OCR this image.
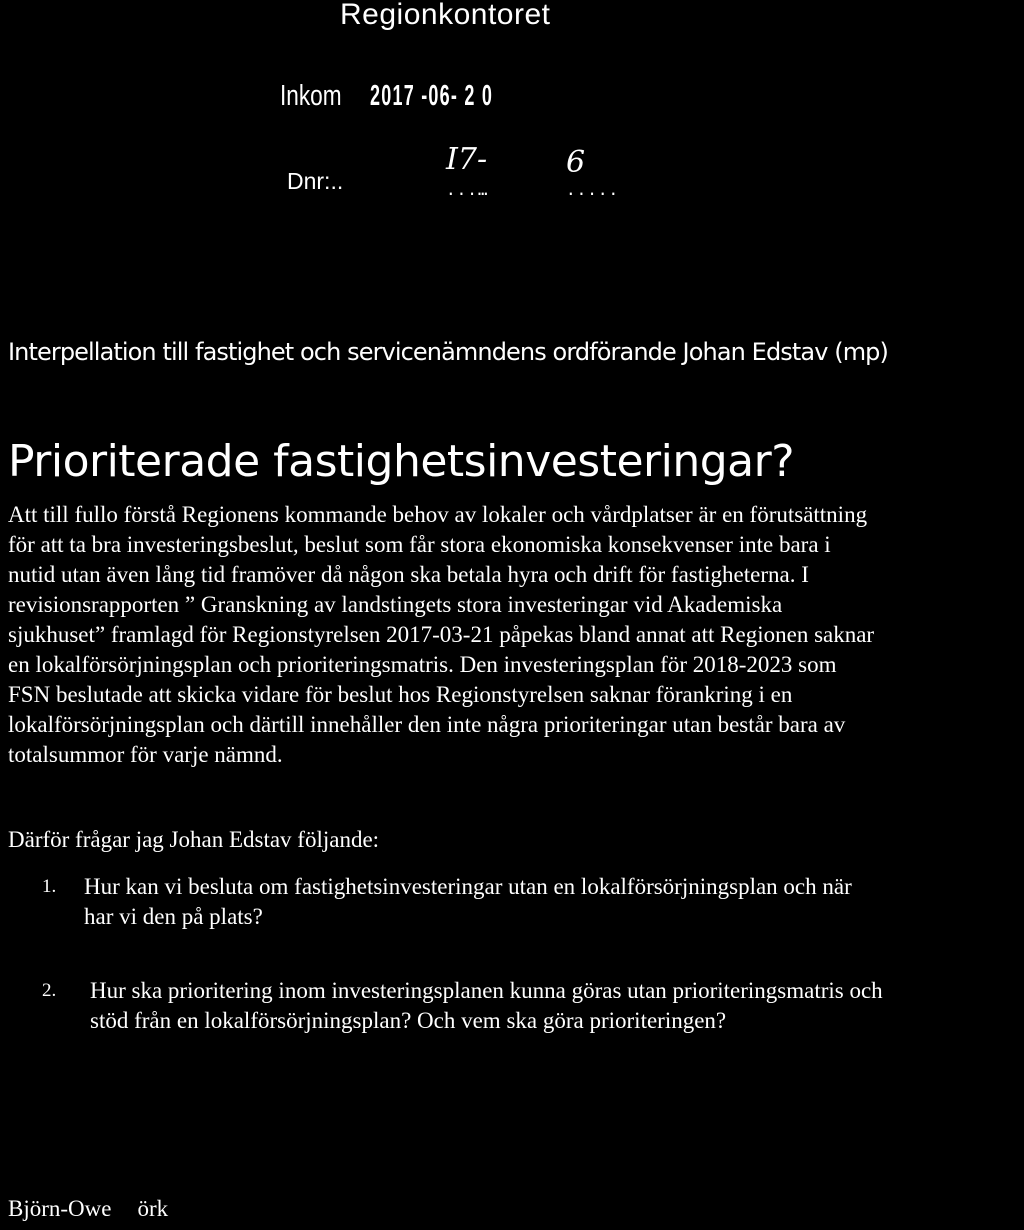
Regionkontoret
Inkom 2017 -06- 2 0
Dnr:..
I7-	6
...…	.....
Interpellation till fastighet och servicenämndens ordförande Johan Edstav (mp)
Prioriterade fastighetsinvesteringar?
Att till fullo förstå Regionens kommande behov av lokaler och vårdplatser är en förutsättning
för att ta bra investeringsbeslut, beslut som får stora ekonomiska konsekvenser inte bara i
nutid utan även lång tid framöver då någon ska betala hyra och drift för fastigheterna. I
revisionsrapporten ” Granskning av landstingets stora investeringar vid Akademiska
sjukhuset” framlagd för Regionstyrelsen 2017-03-21 påpekas bland annat att Regionen saknar
en lokalförsörjningsplan och prioriteringsmatris. Den investeringsplan för 2018-2023 som
FSN beslutade att skicka vidare för beslut hos Regionstyrelsen saknar förankring i en
lokalförsörjningsplan och därtill innehåller den inte några prioriteringar utan består bara av
totalsummor för varje nämnd.
Därför frågar jag Johan Edstav följande:
1. Hur kan vi besluta om fastighetsinvesteringar utan en lokalförsörjningsplan och när
har vi den på plats?
2. Hur ska prioritering inom investeringsplanen kunna göras utan prioriteringsmatris och
stöd från en lokalförsörjningsplan? Och vem ska göra prioriteringen?
Björn-Owe örk
